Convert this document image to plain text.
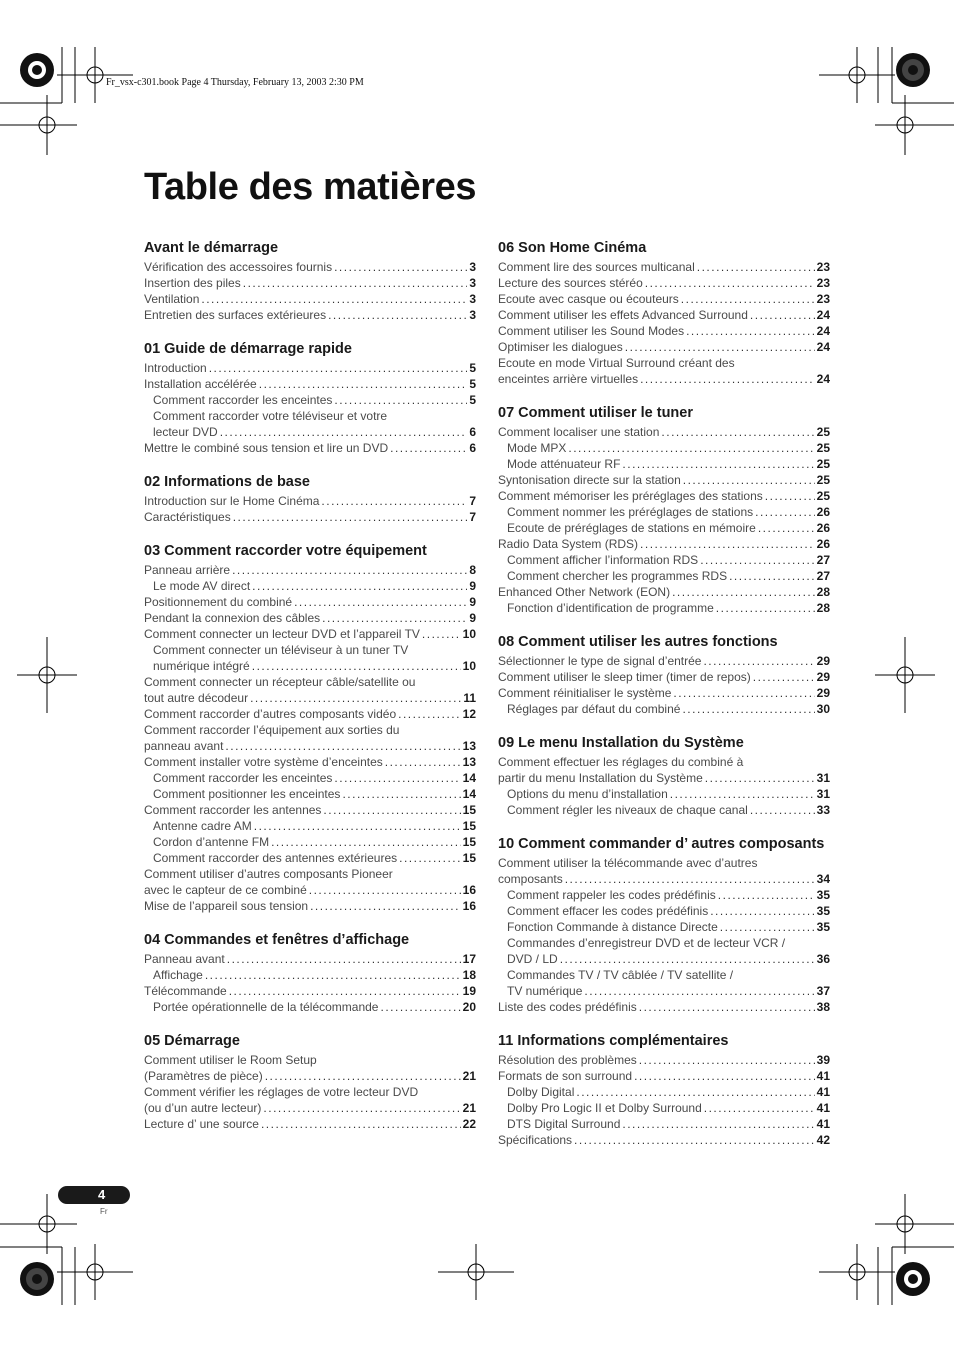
Fr_vsx-c301.book Page 4 Thursday, February 13, 2003 2:30 PM
Table des matières
Avant le démarrage
Vérification des accessoires fournis .....	3
Insertion des piles .....	3
Ventilation .....	3
Entretien des surfaces extérieures .....	3
01 Guide de démarrage rapide
Introduction .....	5
Installation accélérée .....	5
Comment raccorder les enceintes .....	5
Comment raccorder votre téléviseur et votre
lecteur DVD .....	6
Mettre le combiné sous tension et lire un DVD .....	6
02 Informations de base
Introduction sur le Home Cinéma .....	7
Caractéristiques .....	7
03 Comment raccorder votre équipement
Panneau arrière .....	8
Le mode AV direct .....	9
Positionnement du combiné .....	9
Pendant la connexion des câbles .....	9
Comment connecter un lecteur DVD et l’appareil TV .....	10
Comment connecter un téléviseur à un tuner TV
numérique intégré .....	10
Comment connecter un récepteur câble/satellite ou
tout autre décodeur .....	11
Comment raccorder d’autres composants vidéo .....	12
Comment raccorder l’équipement aux sorties du
panneau avant .....	13
Comment installer votre système d’enceintes .....	13
Comment raccorder les enceintes .....	14
Comment positionner les enceintes .....	14
Comment raccorder les antennes .....	15
Antenne cadre AM .....	15
Cordon d’antenne FM .....	15
Comment raccorder des antennes extérieures .....	15
Comment utiliser d’autres composants Pioneer
avec le capteur de ce combiné .....	16
Mise de l’appareil sous tension .....	16
04 Commandes et fenêtres d’affichage
Panneau avant .....	17
Affichage .....	18
Télécommande .....	19
Portée opérationnelle de la télécommande .....	20
05 Démarrage
Comment utiliser le Room Setup
(Paramètres de pièce) .....	21
Comment vérifier les réglages de votre lecteur DVD
(ou d’un autre lecteur) .....	21
Lecture d’ une source .....	22
06 Son Home Cinéma
Comment lire des sources multicanal .....	23
Lecture des sources stéréo .....	23
Ecoute avec casque ou écouteurs .....	23
Comment utiliser les effets Advanced Surround .....	24
Comment utiliser les Sound Modes .....	24
Optimiser les dialogues .....	24
Ecoute en mode Virtual Surround créant des
enceintes arrière virtuelles .....	24
07 Comment utiliser le tuner
Comment localiser une station .....	25
Mode MPX .....	25
Mode atténuateur RF .....	25
Syntonisation directe sur la station .....	25
Comment mémoriser les préréglages des stations .....	25
Comment nommer les préréglages de stations .....	26
Ecoute de préréglages de stations en mémoire .....	26
Radio Data System (RDS) .....	26
Comment afficher l’information RDS .....	27
Comment chercher les programmes RDS .....	27
Enhanced Other Network (EON) .....	28
Fonction d’identification de programme .....	28
08 Comment utiliser les autres fonctions
Sélectionner le type de signal d’entrée .....	29
Comment utiliser le sleep timer (timer de repos) .....	29
Comment réinitialiser le système .....	29
Réglages par défaut du combiné .....	30
09 Le menu Installation du Système
Comment effectuer les réglages du combiné à
partir du menu Installation du Système .....	31
Options du menu d’installation .....	31
Comment régler les niveaux de chaque canal .....	33
10 Comment commander d’ autres composants
Comment utiliser la télécommande avec d’autres
composants .....	34
Comment rappeler les codes prédéfinis .....	35
Comment effacer les codes prédéfinis .....	35
Fonction Commande à distance Directe .....	35
Commandes d’enregistreur DVD et de lecteur VCR /
DVD / LD .....	36
Commandes TV / TV câblée / TV satellite /
TV numérique .....	37
Liste des codes prédéfinis .....	38
11 Informations complémentaires
Résolution des problèmes .....	39
Formats de son surround .....	41
Dolby Digital .....	41
Dolby Pro Logic II et Dolby Surround .....	41
DTS Digital Surround .....	41
Spécifications .....	42
4
Fr
